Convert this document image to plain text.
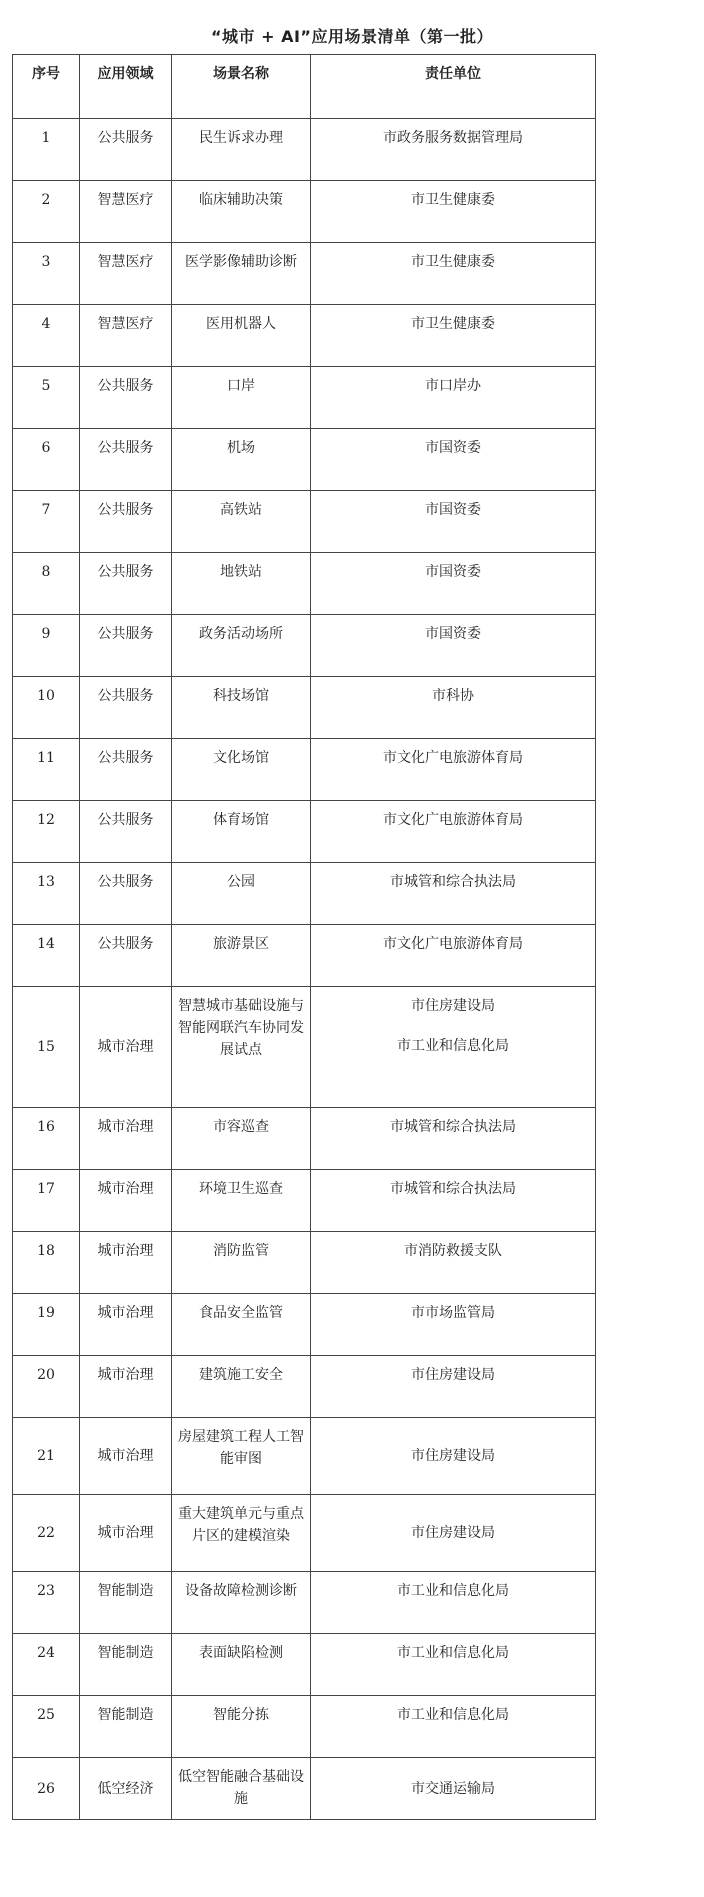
“城市 + AI”应用场景清单（第一批）
序号	应用领域	场景名称	责任单位
1	公共服务	民生诉求办理	市政务服务数据管理局
2	智慧医疗	临床辅助决策	市卫生健康委
3	智慧医疗	医学影像辅助诊断	市卫生健康委
4	智慧医疗	医用机器人	市卫生健康委
5	公共服务	口岸	市口岸办
6	公共服务	机场	市国资委
7	公共服务	高铁站	市国资委
8	公共服务	地铁站	市国资委
9	公共服务	政务活动场所	市国资委
10	公共服务	科技场馆	市科协
11	公共服务	文化场馆	市文化广电旅游体育局
12	公共服务	体育场馆	市文化广电旅游体育局
13	公共服务	公园	市城管和综合执法局
14	公共服务	旅游景区	市文化广电旅游体育局
15	城市治理	智慧城市基础设施与智能网联汽车协同发展试点	市住房建设局
市工业和信息化局

16	城市治理	市容巡查	市城管和综合执法局
17	城市治理	环境卫生巡查	市城管和综合执法局
18	城市治理	消防监管	市消防救援支队
19	城市治理	食品安全监管	市市场监管局
20	城市治理	建筑施工安全	市住房建设局
21	城市治理	房屋建筑工程人工智能审图	市住房建设局
22	城市治理	重大建筑单元与重点片区的建模渲染	市住房建设局
23	智能制造	设备故障检测诊断	市工业和信息化局
24	智能制造	表面缺陷检测	市工业和信息化局
25	智能制造	智能分拣	市工业和信息化局
26	低空经济	低空智能融合基础设施	市交通运输局
